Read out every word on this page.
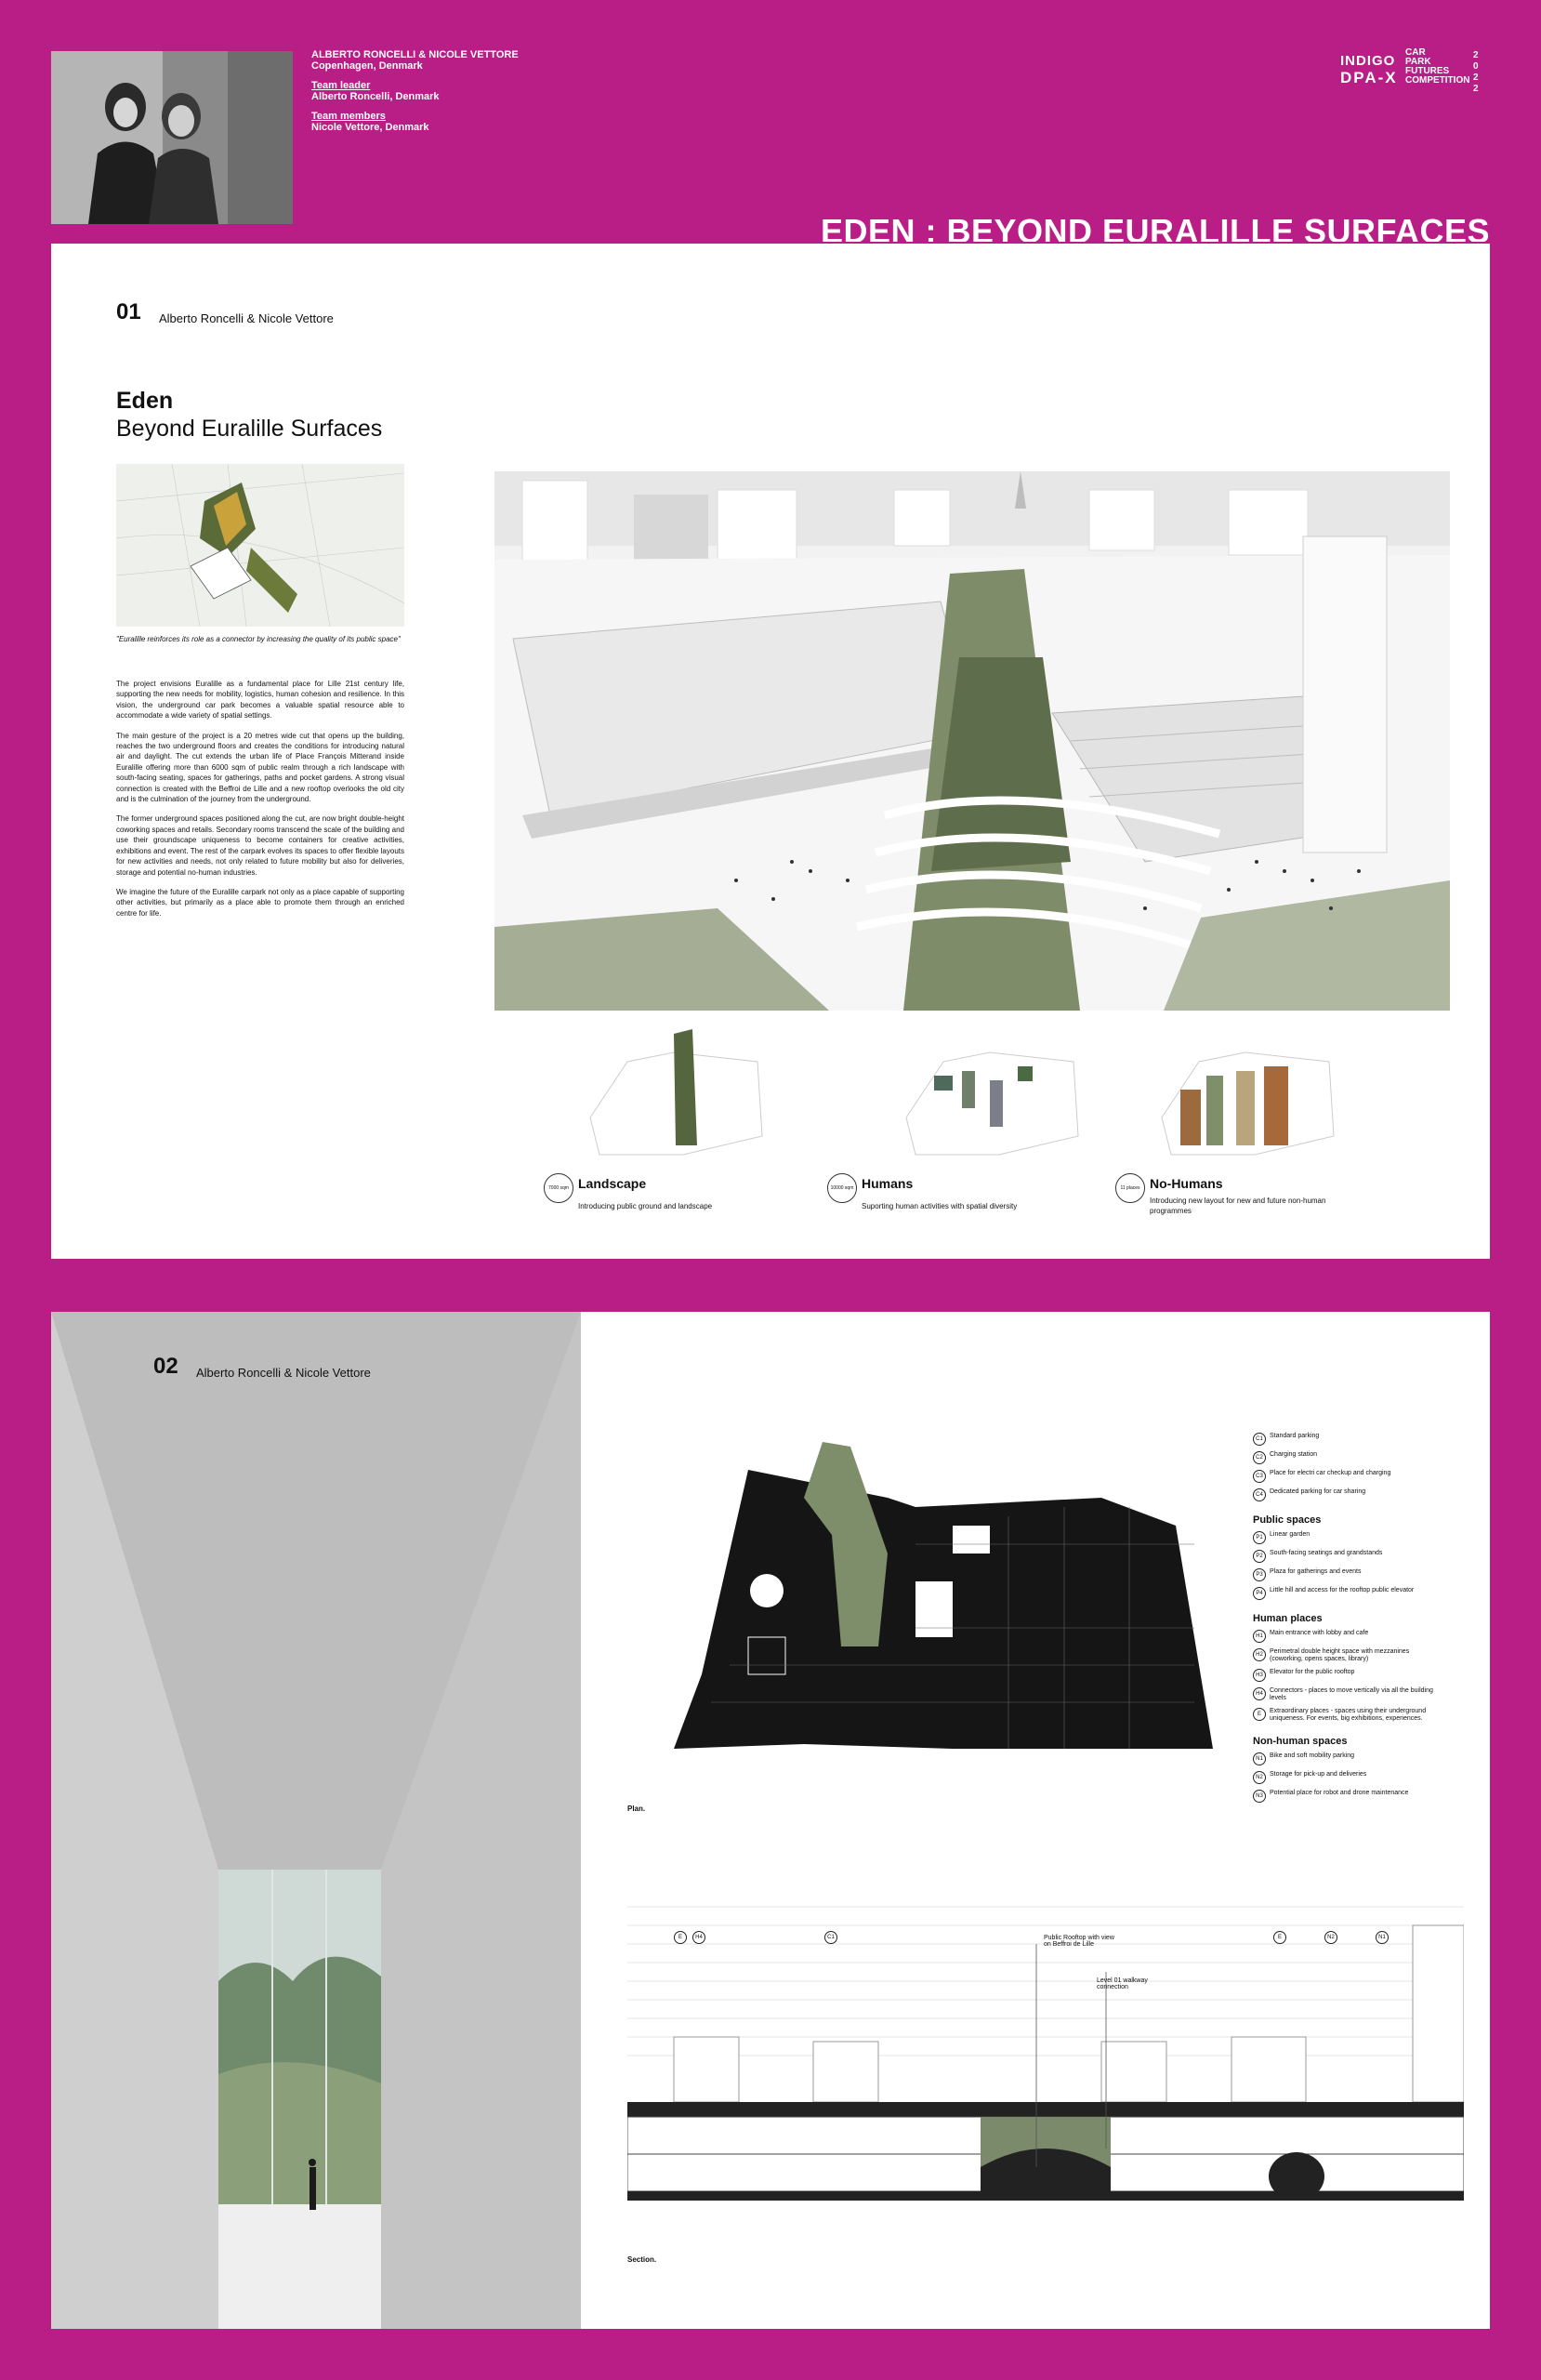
ALBERTO RONCELLI & NICOLE VETTORE
Copenhagen, Denmark
Team leader
Alberto Roncelli, Denmark
Team members
Nicole Vettore, Denmark
INDIGO
DPA-X
CAR
PARK
FUTURES
COMPETITION
2
0
2
2
EDEN : BEYOND EURALILLE SURFACES
01 Alberto Roncelli & Nicole Vettore
Eden
Beyond Euralille Surfaces
"Euralille reinforces its role as a connector by increasing the quality of its public space"

The project envisions Euralille as a fundamental place for Lille 21st century life, supporting the new needs for mobility, logistics, human cohesion and resilience. In this vision, the underground car park becomes a valuable spatial resource able to accommodate a wide variety of spatial settings.

The main gesture of the project is a 20 metres wide cut that opens up the building, reaches the two underground floors and creates the conditions for introducing natural air and daylight. The cut extends the urban life of Place François Mitterand inside Euralille offering more than 6000 sqm of public realm through a rich landscape with south-facing seating, spaces for gatherings, paths and pocket gardens. A strong visual connection is created with the Beffroi de Lille and a new rooftop overlooks the old city and is the culmination of the journey from the underground.

The former underground spaces positioned along the cut, are now bright double-height coworking spaces and retails. Secondary rooms transcend the scale of the building and use their groundscape uniqueness to become containers for creative activities, exhibitions and event. The rest of the carpark evolves its spaces to offer flexible layouts for new activities and needs, not only related to future mobility but also for deliveries, storage and potential no-human industries.

We imagine the future of the Euralille carpark not only as a place capable of supporting other activities, but primarily as a place able to promote them through an enriched centre for life.

7000 sqm Landscape
Introducing public ground and landscape
10000 sqm Humans
Suporting human activities with spatial diversity
11 places No-Humans
Introducing new layout for new and future non-human programmes
02 Alberto Roncelli & Nicole Vettore
Plan.
C1	Standard parking
C2	Charging station
C3	Place for electri car checkup and charging
C4	Dedicated parking for car sharing
Public spaces
P1	Linear garden
P2	South-facing seatings and grandstands
P3	Plaza for gatherings and events
P4	Little hill and access for the rooftop public elevator
Human places
H1	Main entrance with lobby and cafe
H2	Perimetral double height space with mezzanines (coworking, opens spaces, library)
H3	Elevator for the public rooftop
H4	Connectors - places to move vertically via all the building levels
E	Extraordinary places - spaces using their underground uniqueness. For events, big exhibitions, experiences.
Non-human spaces
N1	Bike and soft mobility parking
N2	Storage for pick-up and deliveries
N3	Potential place for robot and drone maintenance
E	H4	C1	E	N2	N1
Public Rooftop with view on Beffroi de Lille
Level 01 walkway connection
Section.
